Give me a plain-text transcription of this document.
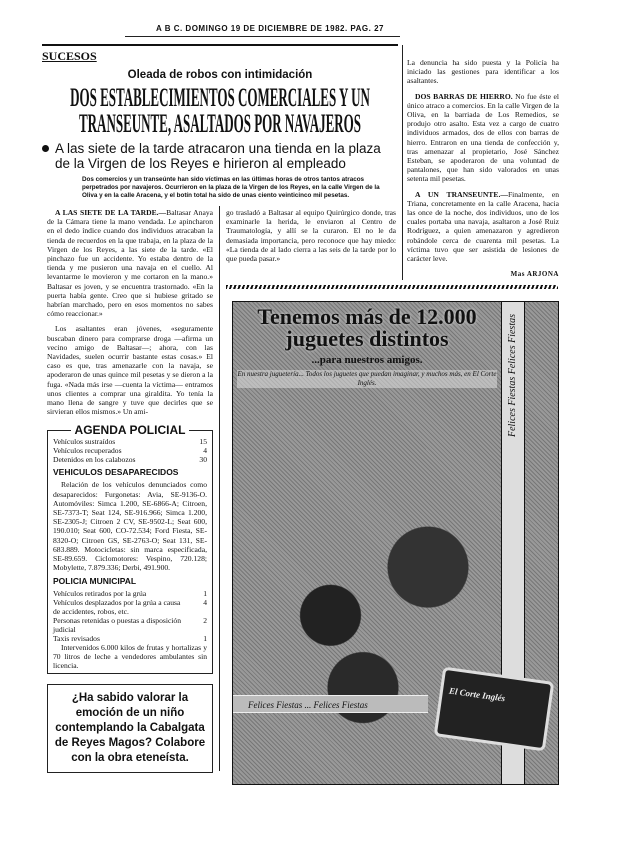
A B C. DOMINGO 19 DE DICIEMBRE DE 1982. PAG. 27
SUCESOS
Oleada de robos con intimidación
DOS ESTABLECIMIENTOS COMERCIALES Y UN TRANSEUNTE, ASALTADOS POR NAVAJEROS
A las siete de la tarde atracaron una tienda en la plaza de la Virgen de los Reyes e hirieron al empleado
Dos comercios y un transeúnte han sido víctimas en las últimas horas de otros tantos atracos perpetrados por navajeros. Ocurrieron en la plaza de la Virgen de los Reyes, en la calle Virgen de la Oliva y en la calle Aracena, y el botín total ha sido de unas ciento veinticinco mil pesetas.

A LAS SIETE DE LA TARDE.—Baltasar Anaya de la Cámara tiene la mano vendada. Le apincharon en el dedo índice cuando dos individuos atracaban la tienda de recuerdos en la que trabaja, en la plaza de la Virgen de los Reyes, a las siete de la tarde. «El pinchazo fue un accidente. Yo estaba dentro de la tienda y me pusieron una navaja en el cuello. Al levantarme le movieron y me cortaron en la mano.» Baltasar es joven, y se encuentra trastornado. «En la puerta había gente. Creo que si hubiese gritado se habrían marchado, pero en esos momentos no sabes cómo reaccionar.»

Los asaltantes eran jóvenes, «seguramente buscaban dinero para comprarse droga —afirma un vecino amigo de Baltasar—; ahora, con las Navidades, suelen ocurrir bastante estas cosas.» El caso es que, tras amenazarle con la navaja, se apoderaron de unas quince mil pesetas y se dieron a la fuga. «Nada más irse —cuenta la víctima— entramos unos clientes a comprar una giraldita. Yo tenía la mano llena de sangre y tuve que decirles que se sirvieran ellos mismos.» Un ami-

AGENDA POLICIAL
Vehículos sustraídos	15
Vehículos recuperados	4
Detenidos en los calabozos	30
VEHICULOS DESAPARECIDOS
Relación de los vehículos denunciados como desaparecidos: Furgonetas: Avia, SE-9136-O. Automóviles: Simca 1.200, SE-6866-A; Citroen, SE-7373-T; Seat 124, SE-916.966; Simca 1.200, SE-2305-J; Citroen 2 CV, SE-9502-L; Seat 600, 190.010; Seat 600, CO-72.534; Ford Fiesta, SE-8320-O; Citroen GS, SE-2763-O; Seat 131, SE-683.889. Motocicletas: sin marca especificada, SE-89.659. Ciclomotores: Vespino, 720.128; Mobylette, 7.879.336; Derbi, 491.900.
POLICIA MUNICIPAL
Vehículos retirados por la grúa	1
Vehículos desplazados por la grúa a causa de accidentes, robos, etc.
4
Personas retenidas o puestas a disposición judicial
2
Taxis revisados	1
Intervenidos 6.000 kilos de frutas y hortalizas y 70 litros de leche a vendedores ambulantes sin licencia.
¿Ha sabido valorar la emoción de un niño contemplando la Cabalgata de Reyes Magos? Colabore con la obra eteneísta.

go trasladó a Baltasar al equipo Quirúrgico donde, tras examinarle la herida, le enviaron al Centro de Traumatología, y allí se la curaron. El no le da demasiada importancia, pero reconoce que hay miedo: «La tienda de al lado cierra a las seis de la tarde por lo que pueda pasar.»

La denuncia ha sido puesta y la Policía ha iniciado las gestiones para identificar a los asaltantes.

DOS BARRAS DE HIERRO. No fue éste el único atraco a comercios. En la calle Virgen de la Oliva, en la barriada de Los Remedios, se produjo otro asalto. Esta vez a cargo de cuatro individuos armados, dos de ellos con barras de hierro. Entraron en una tienda de confección y, tras amenazar al propietario, José Sánchez Esteban, se apoderaron de una voluntad de pantalones, que han sido valorados en unas setenta mil pesetas.

A UN TRANSEUNTE.—Finalmente, en Triana, concretamente en la calle Aracena, hacia las once de la noche, dos individuos, uno de los cuales portaba una navaja, asaltaron a José Ruiz Rodríguez, a quien amenazaron y agredieron robándole cerca de cuarenta mil pesetas. La víctima tuvo que ser asistida de lesiones de carácter leve.

Mas ARJONA
Tenemos más de 12.000 juguetes distintos
...para nuestros amigos.
En nuestra juguetería... Todos los juguetes que puedan imaginar, y muchos más, en El Corte Inglés.	Felices Fiestas Felices Fiestas
Felices Fiestas ... Felices Fiestas
El Corte Inglés
